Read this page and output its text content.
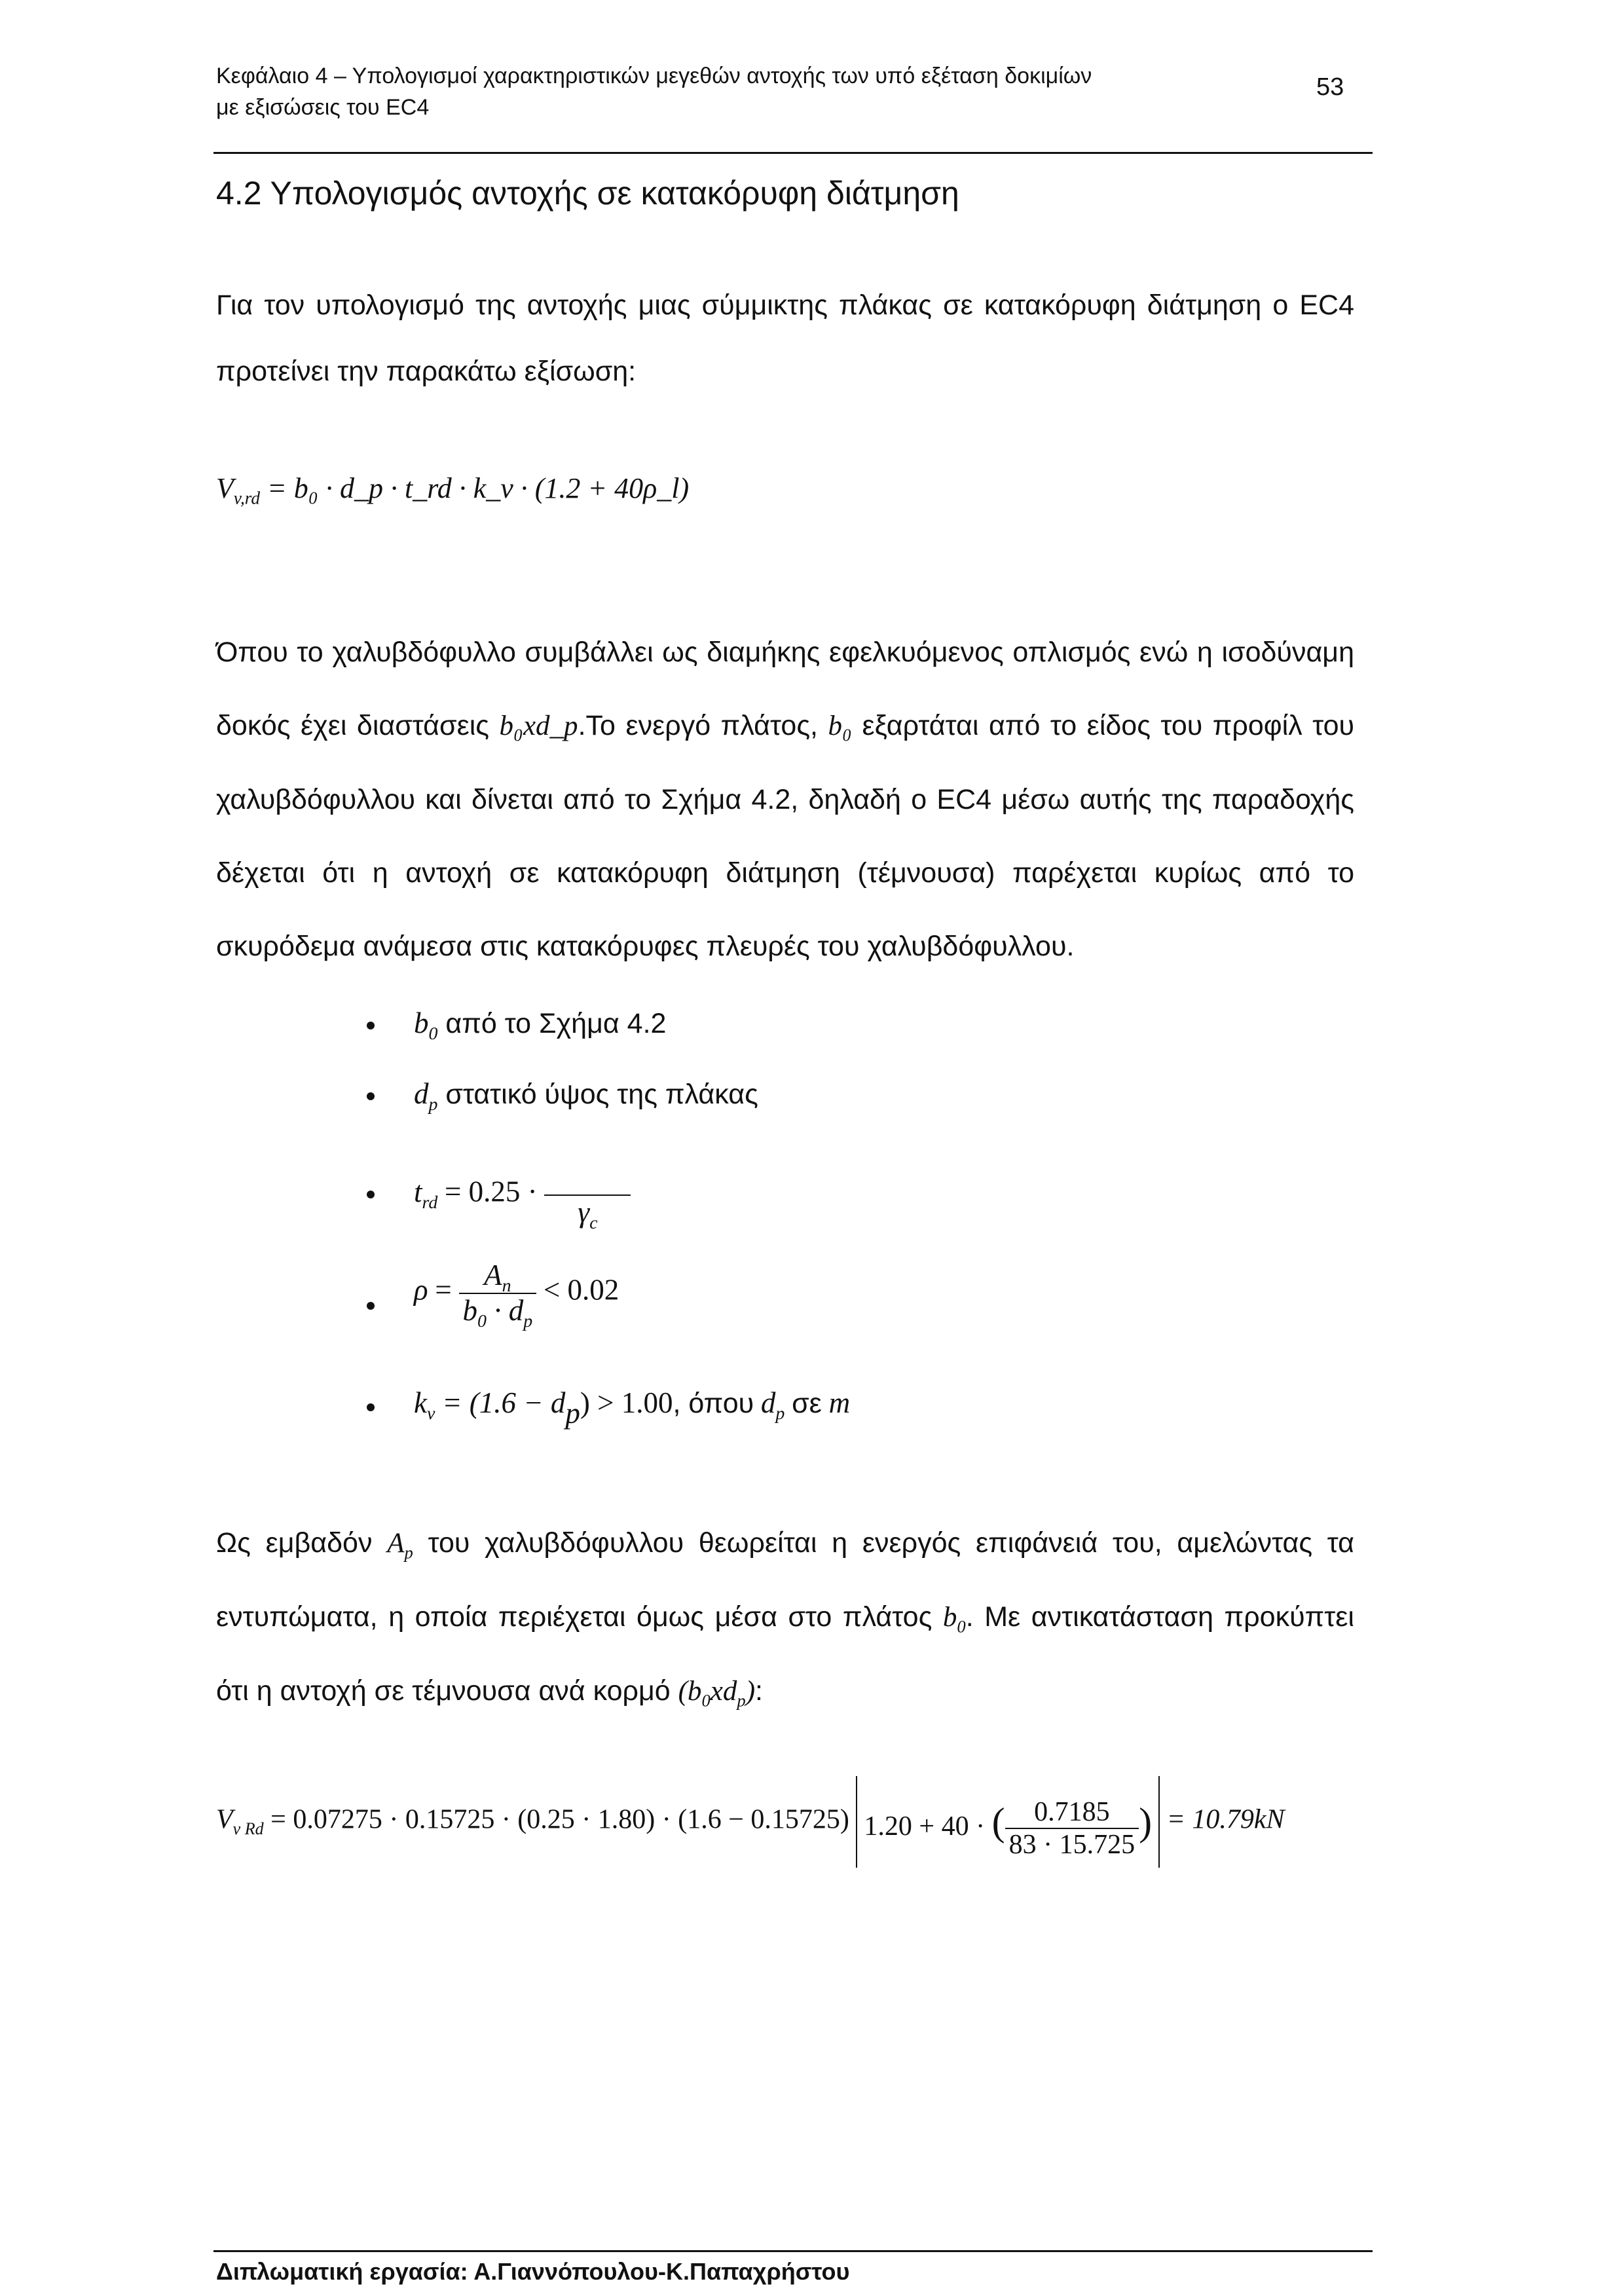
Κεφάλαιο 4 – Υπολογισμοί χαρακτηριστικών μεγεθών αντοχής των υπό εξέταση δοκιμίων
με εξισώσεις του EC4
53
4.2 Υπολογισμός αντοχής σε κατακόρυφη διάτμηση

Για τον υπολογισμό της αντοχής μιας σύμμικτης πλάκας σε κατακόρυφη διάτμηση ο EC4 προτείνει την παρακάτω εξίσωση:

$V_{v,rd} = b_0$ · d_p · t_rd · k_v · (1.2 + 40ρ_l)

Όπου το χαλυβδόφυλλο συμβάλλει ως διαμήκης εφελκυόμενος οπλισμός ενώ η ισοδύναμη δοκός έχει διαστάσεις b₀xd_p.Το ενεργό πλάτος, b₀ εξαρτάται από το είδος του προφίλ του χαλυβδόφυλλου και δίνεται από το Σχήμα 4.2, δηλαδή ο EC4 μέσω αυτής της παραδοχής δέχεται ότι η αντοχή σε κατακόρυφη διάτμηση (τέμνουσα) παρέχεται κυρίως από το σκυρόδεμα ανάμεσα στις κατακόρυφες πλευρές του χαλυβδόφυλλου.

$b_0$ από το Σχήμα 4.2
$d_p$ στατικό ύψος της πλάκας
$t_{rd} = 0.25$ ·

$\gamma_c$
$\rho = \frac{A_n}{b_0 \cdot d_p} < 0.02$
$k_v = (1.6 - d_p) > 1.00$, όπου $d_p$ σε m

Ως εμβαδόν $A_p$ του χαλυβδόφυλλου θεωρείται η ενεργός επιφάνειά του, αμελώντας τα εντυπώματα, η οποία περιέχεται όμως μέσα στο πλάτος $b_0$. Με αντικατάσταση προκύπτει ότι η αντοχή σε τέμνουσα ανά κορμό $(b_0xd_p)$:

$V_{v Rd} = 0.07275 \cdot 0.15725 \cdot (0.25 \cdot 1.80) \cdot (1.6 - 0.15725) 1.20 + 40$ · ( $\frac{0.7185}{83 \cdot 15.725}$ ) = 10.79kN
Διπλωματική εργασία: Α.Γιαννόπουλου-Κ.Παπαχρήστου
